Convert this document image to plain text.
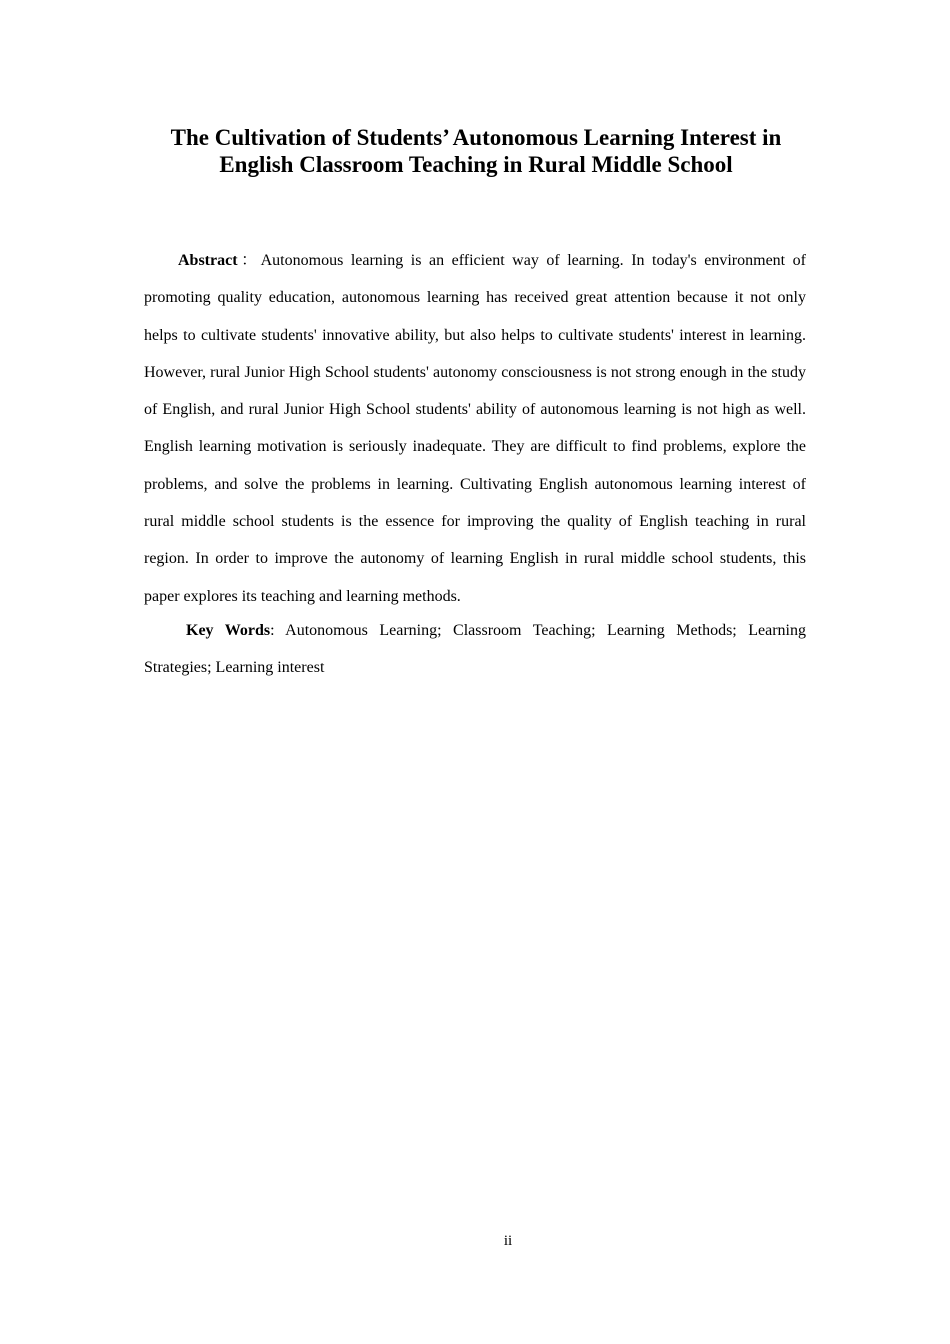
The Cultivation of Students’ Autonomous Learning Interest in
English Classroom Teaching in Rural Middle School

Abstract：Autonomous learning is an efficient way of learning. In today's environment of promoting quality education, autonomous learning has received great attention because it not only helps to cultivate students' innovative ability, but also helps to cultivate students' interest in learning. However, rural Junior High School students' autonomy consciousness is not strong enough in the study of English, and rural Junior High School students' ability of autonomous learning is not high as well. English learning motivation is seriously inadequate. They are difficult to find problems, explore the problems, and solve the problems in learning. Cultivating English autonomous learning interest of rural middle school students is the essence for improving the quality of English teaching in rural region. In order to improve the autonomy of learning English in rural middle school students, this paper explores its teaching and learning methods.

Key Words: Autonomous Learning; Classroom Teaching; Learning Methods; Learning Strategies; Learning interest

ii
